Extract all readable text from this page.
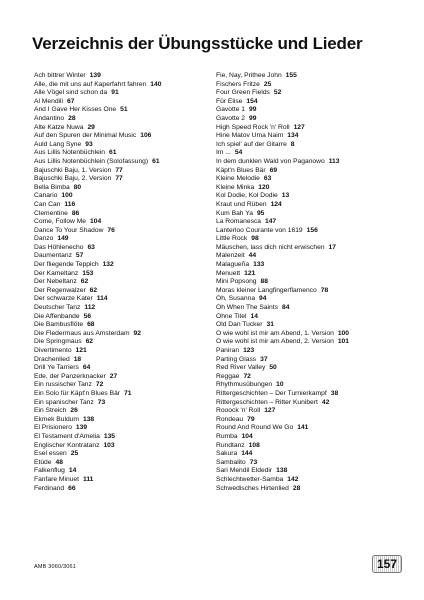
Verzeichnis der Übungsstücke und Lieder
Ach bittrer Winter 139
Alle, die mit uns auf Kaperfahrt fahren 140
Alle Vögel sind schon da 91
Al Mendili 67
And I Gave Her Kisses One 51
Andantino 28
Alte Katze Nuwa 29
Auf den Spuren der Minimal Music 106
Auld Lang Syne 93
Aus Lillis Notenbüchlein 61
Aus Lillis Notenbüchlein (Solofassung) 61
Bajuschki Baju, 1. Version 77
Bajuschki Baju, 2. Version 77
Bella Bimba 80
Canario 100
Can Can 116
Clementine 86
Come, Follow Me 104
Dance To Your Shadow 76
Danzo 149
Das Höhlenecho 63
Daumentanz 57
Der fliegende Teppich 132
Der Kameltanz 153
Der Nebeltanz 62
Der Regenwalzer 62
Der schwarze Kater 114
Deutscher Tanz 112
Die Affenbande 56
Die Bambusflöte 68
Die Fledermaus aus Amsterdam 92
Die Springmaus 62
Divertimento 121
Drachenlied 18
Drill Ye Tarriers 64
Ede, der Panzerknacker 27
Ein russischer Tanz 72
Ein Solo für Käpt'n Blues Bär 71
Ein spanischer Tanz 73
Ein Streich 26
Ekmek Buldum 138
El Prisionero 139
El Testament d'Amelia 135
Englischer Kontratanz 103
Esel essen 25
Etüde 48
Falkenflug 14
Fanfare Minuet 111
Ferdinand 66
Fie, Nay, Prithee John 155
Fischers Fritze 25
Four Green Fields 52
Für Elise 154
Gavotte 1 99
Gavotte 2 99
High Speed Rock 'n' Roll 127
Hine Matov Uma Naim 134
Ich spiel' auf der Gitarre 8
Im ... 54
In dem dunklen Wald von Paganowo 113
Käpt'n Blues Bär 69
Kleine Melodie 63
Kleine Minka 120
Kol Dodie, Kol Dodie 13
Kraut und Rüben 124
Kum Bah Ya 95
La Romanesca 147
Lanterloo Courante von 1619 156
Little Rock 98
Mäuschen, lass dich nicht erwischen 17
Malenzeit 44
Malagueña 133
Menuett 121
Mini Popsong 88
Moras kleiner Langfingerflamenco 78
Oh, Susanna 94
Oh When The Saints 84
Ohne Titel 14
Old Dan Tucker 31
O wie wohl ist mir am Abend, 1. Version 100
O wie wohl ist mir am Abend, 2. Version 101
Paniran 123
Parting Glass 37
Red River Valley 50
Reggae 72
Rhythmusübungen 10
Rittergeschichten – Der Turnierkampf 38
Rittergeschichten – Ritter Kunibert 42
Rooock 'n' Roll 127
Rondeau 79
Round And Round We Go 141
Rumba 104
Rundtanz 108
Sakura 144
Sambalito 73
Sari Mendil Eldedir 138
Schlechtwetter-Samba 142
Schwedisches Hirtenlied 28
AMB 3060/3061	157
